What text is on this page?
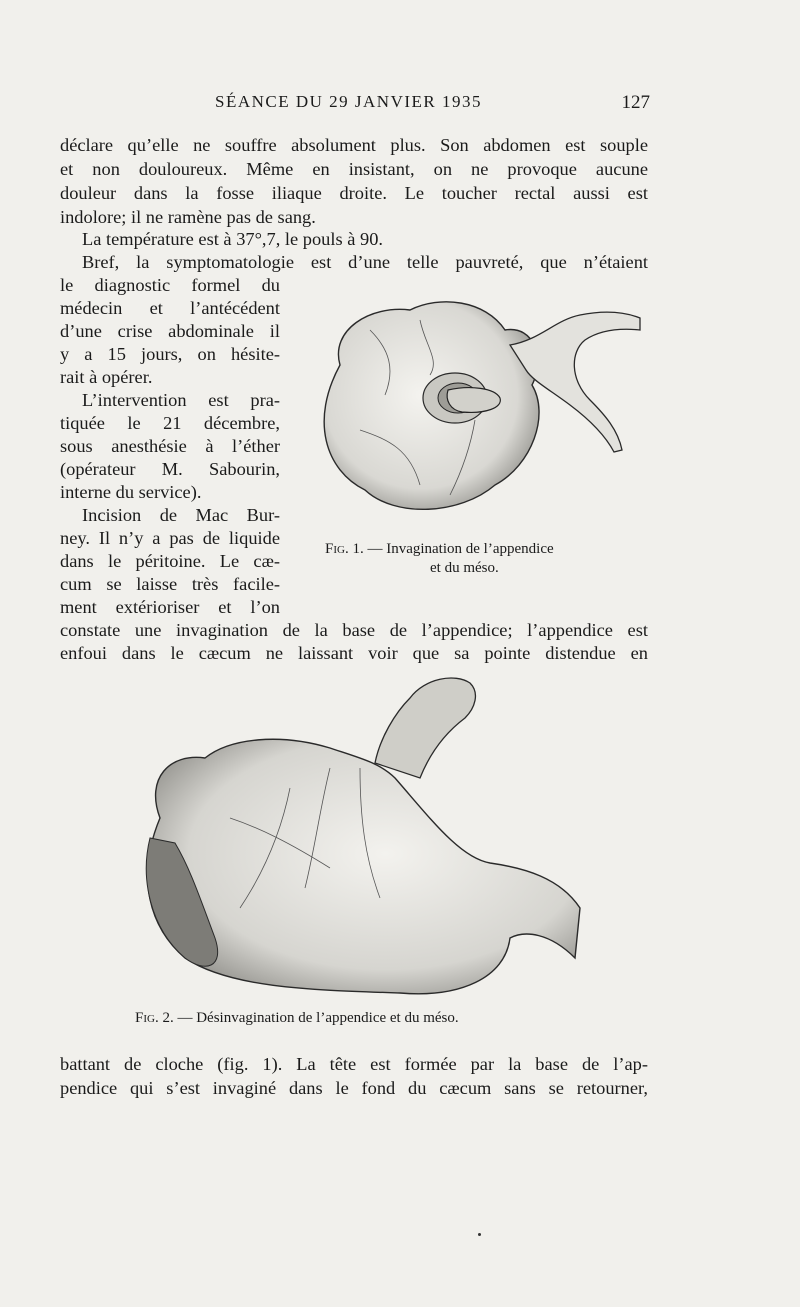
SÉANCE DU 29 JANVIER 1935	127
déclare qu’elle ne souffre absolument plus. Son abdomen est souple
et non douloureux. Même en insistant, on ne provoque aucune
douleur dans la fosse iliaque droite. Le toucher rectal aussi est
indolore; il ne ramène pas de sang.
La température est à 37°,7, le pouls à 90.
Bref, la symptomatologie est d’une telle pauvreté, que n’étaient
le diagnostic formel du
médecin et l’antécédent
d’une crise abdominale il
y a 15 jours, on hésite-
rait à opérer.
L’intervention est pra-
tiquée le 21 décembre,
sous anesthésie à l’éther
(opérateur M. Sabourin,
interne du service).
Incision de Mac Bur-
ney. Il n’y a pas de liquide
dans le péritoine. Le cæ-
cum se laisse très facile-
ment extérioriser et l’on
constate une invagination de la base de l’appendice; l’appendice est
enfoui dans le cæcum ne laissant voir que sa pointe distendue en
Fig. 1. — Invagination de l’appendice
et du méso.
Fig. 2. — Désinvagination de l’appendice et du méso.
battant de cloche (fig. 1). La tête est formée par la base de l’ap-
pendice qui s’est invaginé dans le fond du cæcum sans se retourner,
